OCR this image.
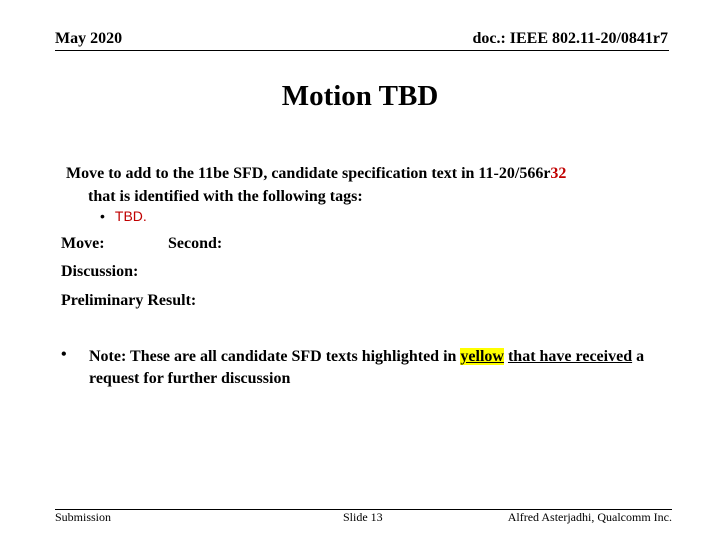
May 2020	doc.: IEEE 802.11-20/0841r7
Motion TBD
Move to add to the 11be SFD, candidate specification text in 11-20/566r32
that is identified with the following tags:
• TBD.
Move:	Second:
Discussion:
Preliminary Result:
• Note: These are all candidate SFD texts highlighted in yellow that have received a request for further discussion
Submission	Slide 13	Alfred Asterjadhi, Qualcomm Inc.
